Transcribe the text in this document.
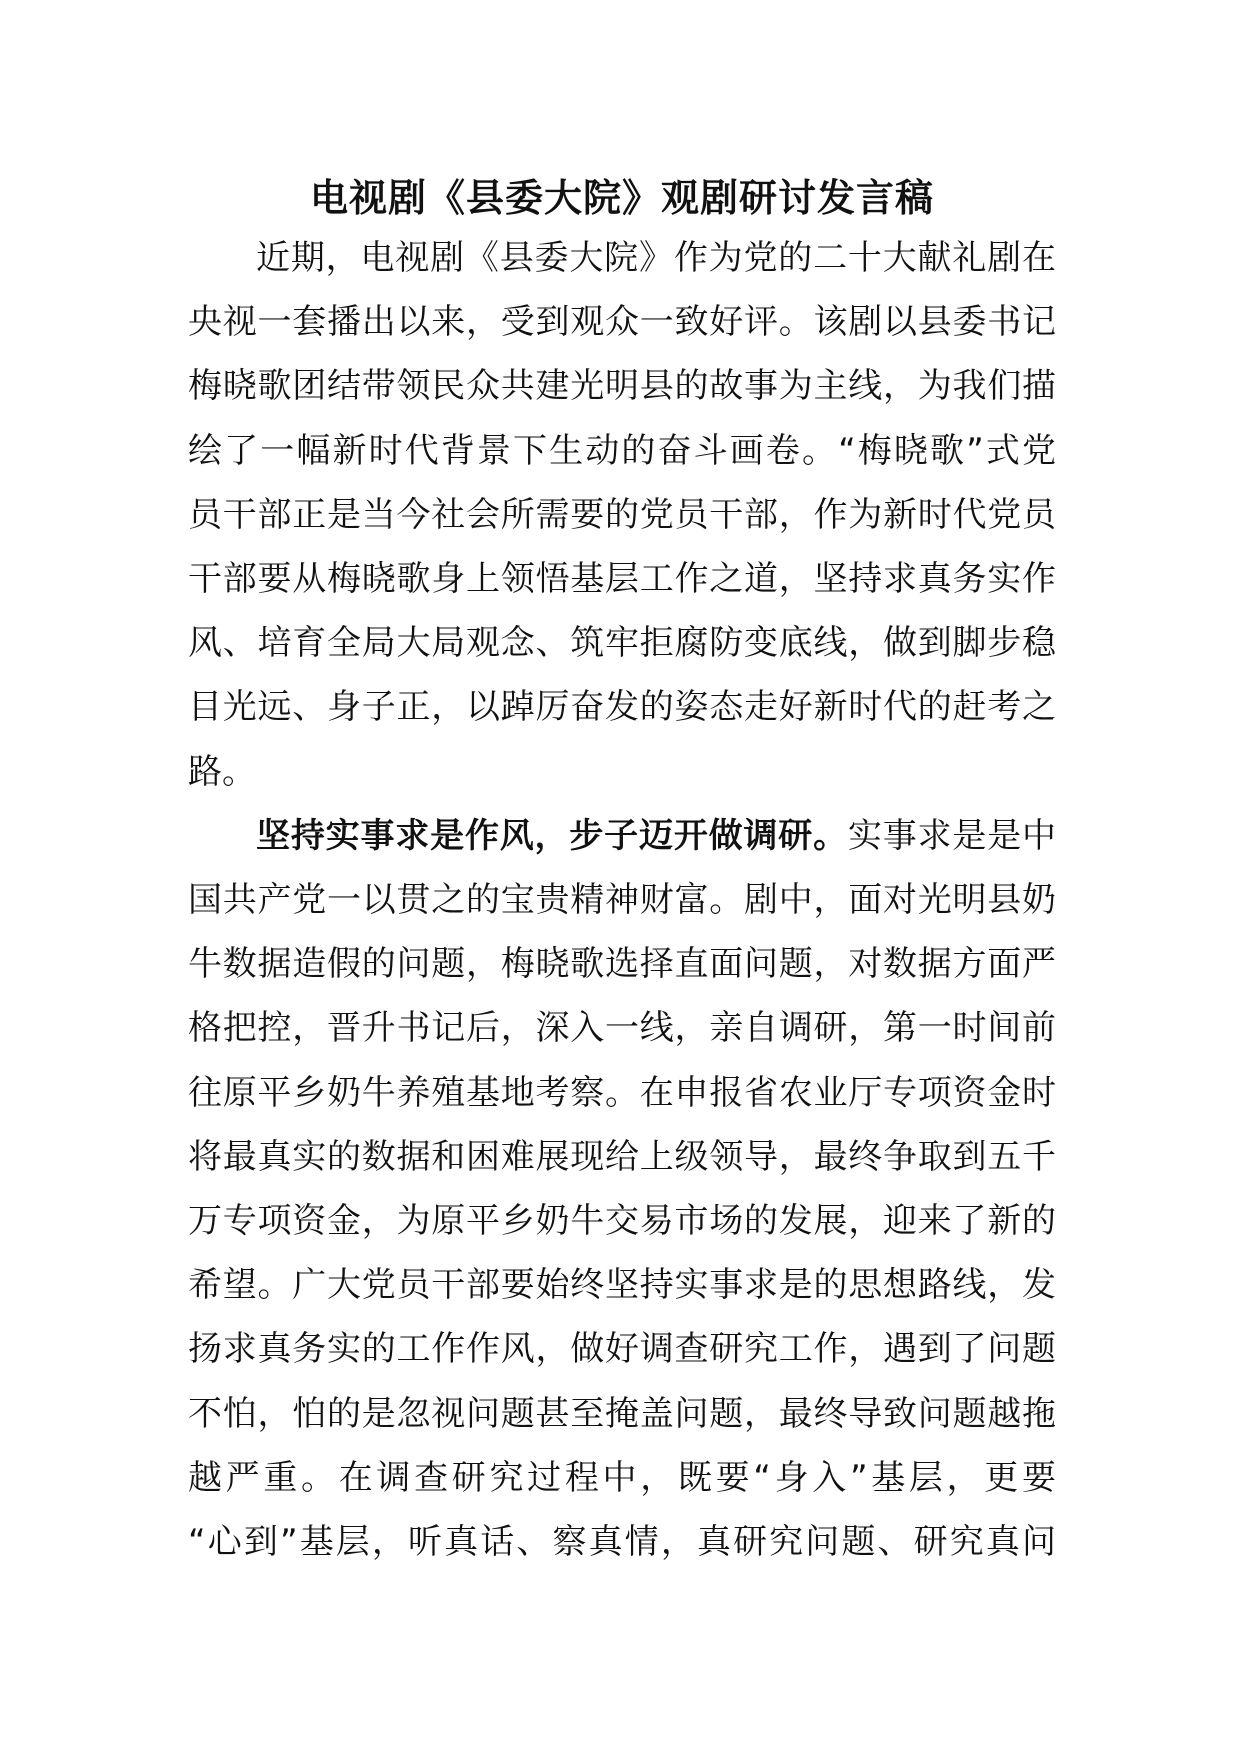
电视剧《县委大院》观剧研讨发言稿
近期，电视剧《县委大院》作为党的二十大献礼剧在
央视一套播出以来，受到观众一致好评。该剧以县委书记
梅晓歌团结带领民众共建光明县的故事为主线，为我们描
绘了一幅新时代背景下生动的奋斗画卷。“梅晓歌”式党
员干部正是当今社会所需要的党员干部，作为新时代党员
干部要从梅晓歌身上领悟基层工作之道，坚持求真务实作
风、培育全局大局观念、筑牢拒腐防变底线，做到脚步稳
目光远、身子正，以踔厉奋发的姿态走好新时代的赶考之
路。
坚持实事求是作风，步子迈开做调研。实事求是是中
国共产党一以贯之的宝贵精神财富。剧中，面对光明县奶
牛数据造假的问题，梅晓歌选择直面问题，对数据方面严
格把控，晋升书记后，深入一线，亲自调研，第一时间前
往原平乡奶牛养殖基地考察。在申报省农业厅专项资金时
将最真实的数据和困难展现给上级领导，最终争取到五千
万专项资金，为原平乡奶牛交易市场的发展，迎来了新的
希望。广大党员干部要始终坚持实事求是的思想路线，发
扬求真务实的工作作风，做好调查研究工作，遇到了问题
不怕，怕的是忽视问题甚至掩盖问题，最终导致问题越拖
越严重。在调查研究过程中，既要“身入”基层，更要
“心到”基层，听真话、察真情，真研究问题、研究真问
